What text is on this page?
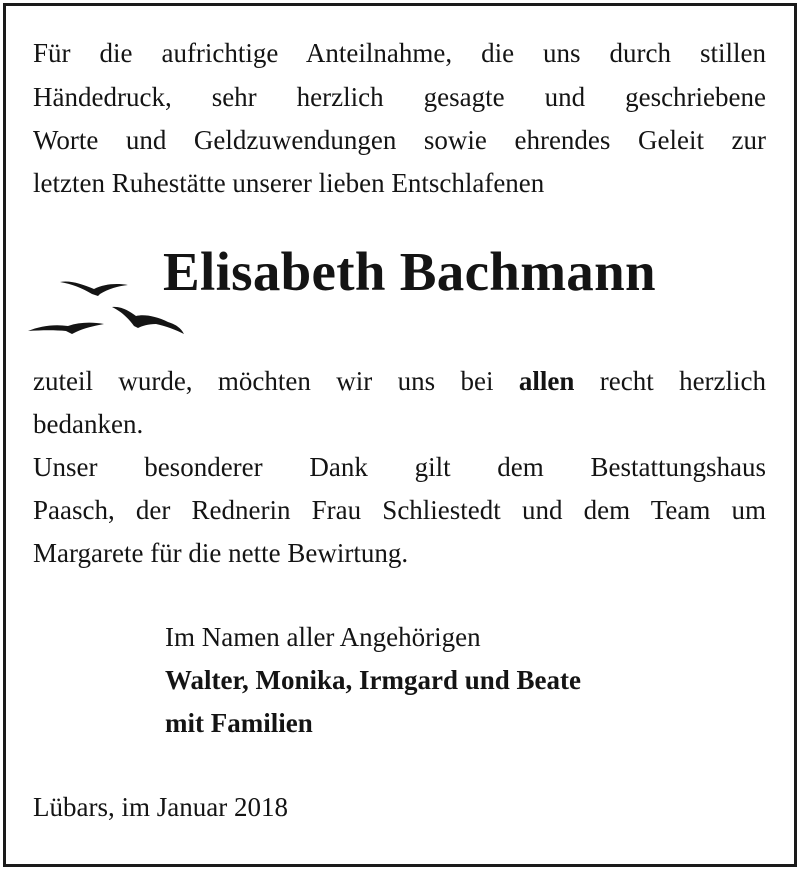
Für die aufrichtige Anteilnahme, die uns durch stillen

Händedruck, sehr herzlich gesagte und geschriebene

Worte und Geldzuwendungen sowie ehrendes Geleit zur

letzten Ruhestätte unserer lieben Entschlafenen

Elisabeth Bachmann

zuteil wurde, möchten wir uns bei allen recht herzlich

bedanken.

Unser besonderer Dank gilt dem Bestattungshaus

Paasch, der Rednerin Frau Schliestedt und dem Team um

Margarete für die nette Bewirtung.

Im Namen aller Angehörigen

Walter, Monika, Irmgard und Beate

mit Familien

Lübars, im Januar 2018
